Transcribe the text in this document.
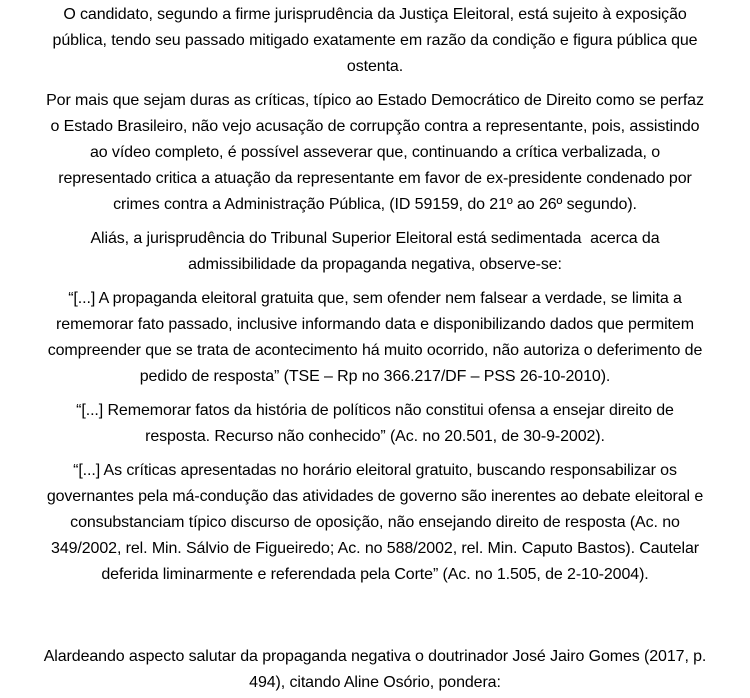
O candidato, segundo a firme jurisprudência da Justiça Eleitoral, está sujeito à exposição
pública, tendo seu passado mitigado exatamente em razão da condição e figura pública que
ostenta.
Por mais que sejam duras as críticas, típico ao Estado Democrático de Direito como se perfaz
o Estado Brasileiro, não vejo acusação de corrupção contra a representante, pois, assistindo
ao vídeo completo, é possível asseverar que, continuando a crítica verbalizada, o
representado critica a atuação da representante em favor de ex-presidente condenado por
crimes contra a Administração Pública, (ID 59159, do 21º ao 26º segundo).
Aliás, a jurisprudência do Tribunal Superior Eleitoral está sedimentada  acerca da
admissibilidade da propaganda negativa, observe-se:
“[...] A propaganda eleitoral gratuita que, sem ofender nem falsear a verdade, se limita a
rememorar fato passado, inclusive informando data e disponibilizando dados que permitem
compreender que se trata de acontecimento há muito ocorrido, não autoriza o deferimento de
pedido de resposta” (TSE – Rp no 366.217/DF – PSS 26-10-2010).
“[...] Rememorar fatos da história de políticos não constitui ofensa a ensejar direito de
resposta. Recurso não conhecido” (Ac. no 20.501, de 30-9-2002).
“[...] As críticas apresentadas no horário eleitoral gratuito, buscando responsabilizar os
governantes pela má-condução das atividades de governo são inerentes ao debate eleitoral e
consubstanciam típico discurso de oposição, não ensejando direito de resposta (Ac. no
349/2002, rel. Min. Sálvio de Figueiredo; Ac. no 588/2002, rel. Min. Caputo Bastos). Cautelar
deferida liminarmente e referendada pela Corte” (Ac. no 1.505, de 2-10-2004).
Alardeando aspecto salutar da propaganda negativa o doutrinador José Jairo Gomes (2017, p.
494), citando Aline Osório, pondera:
